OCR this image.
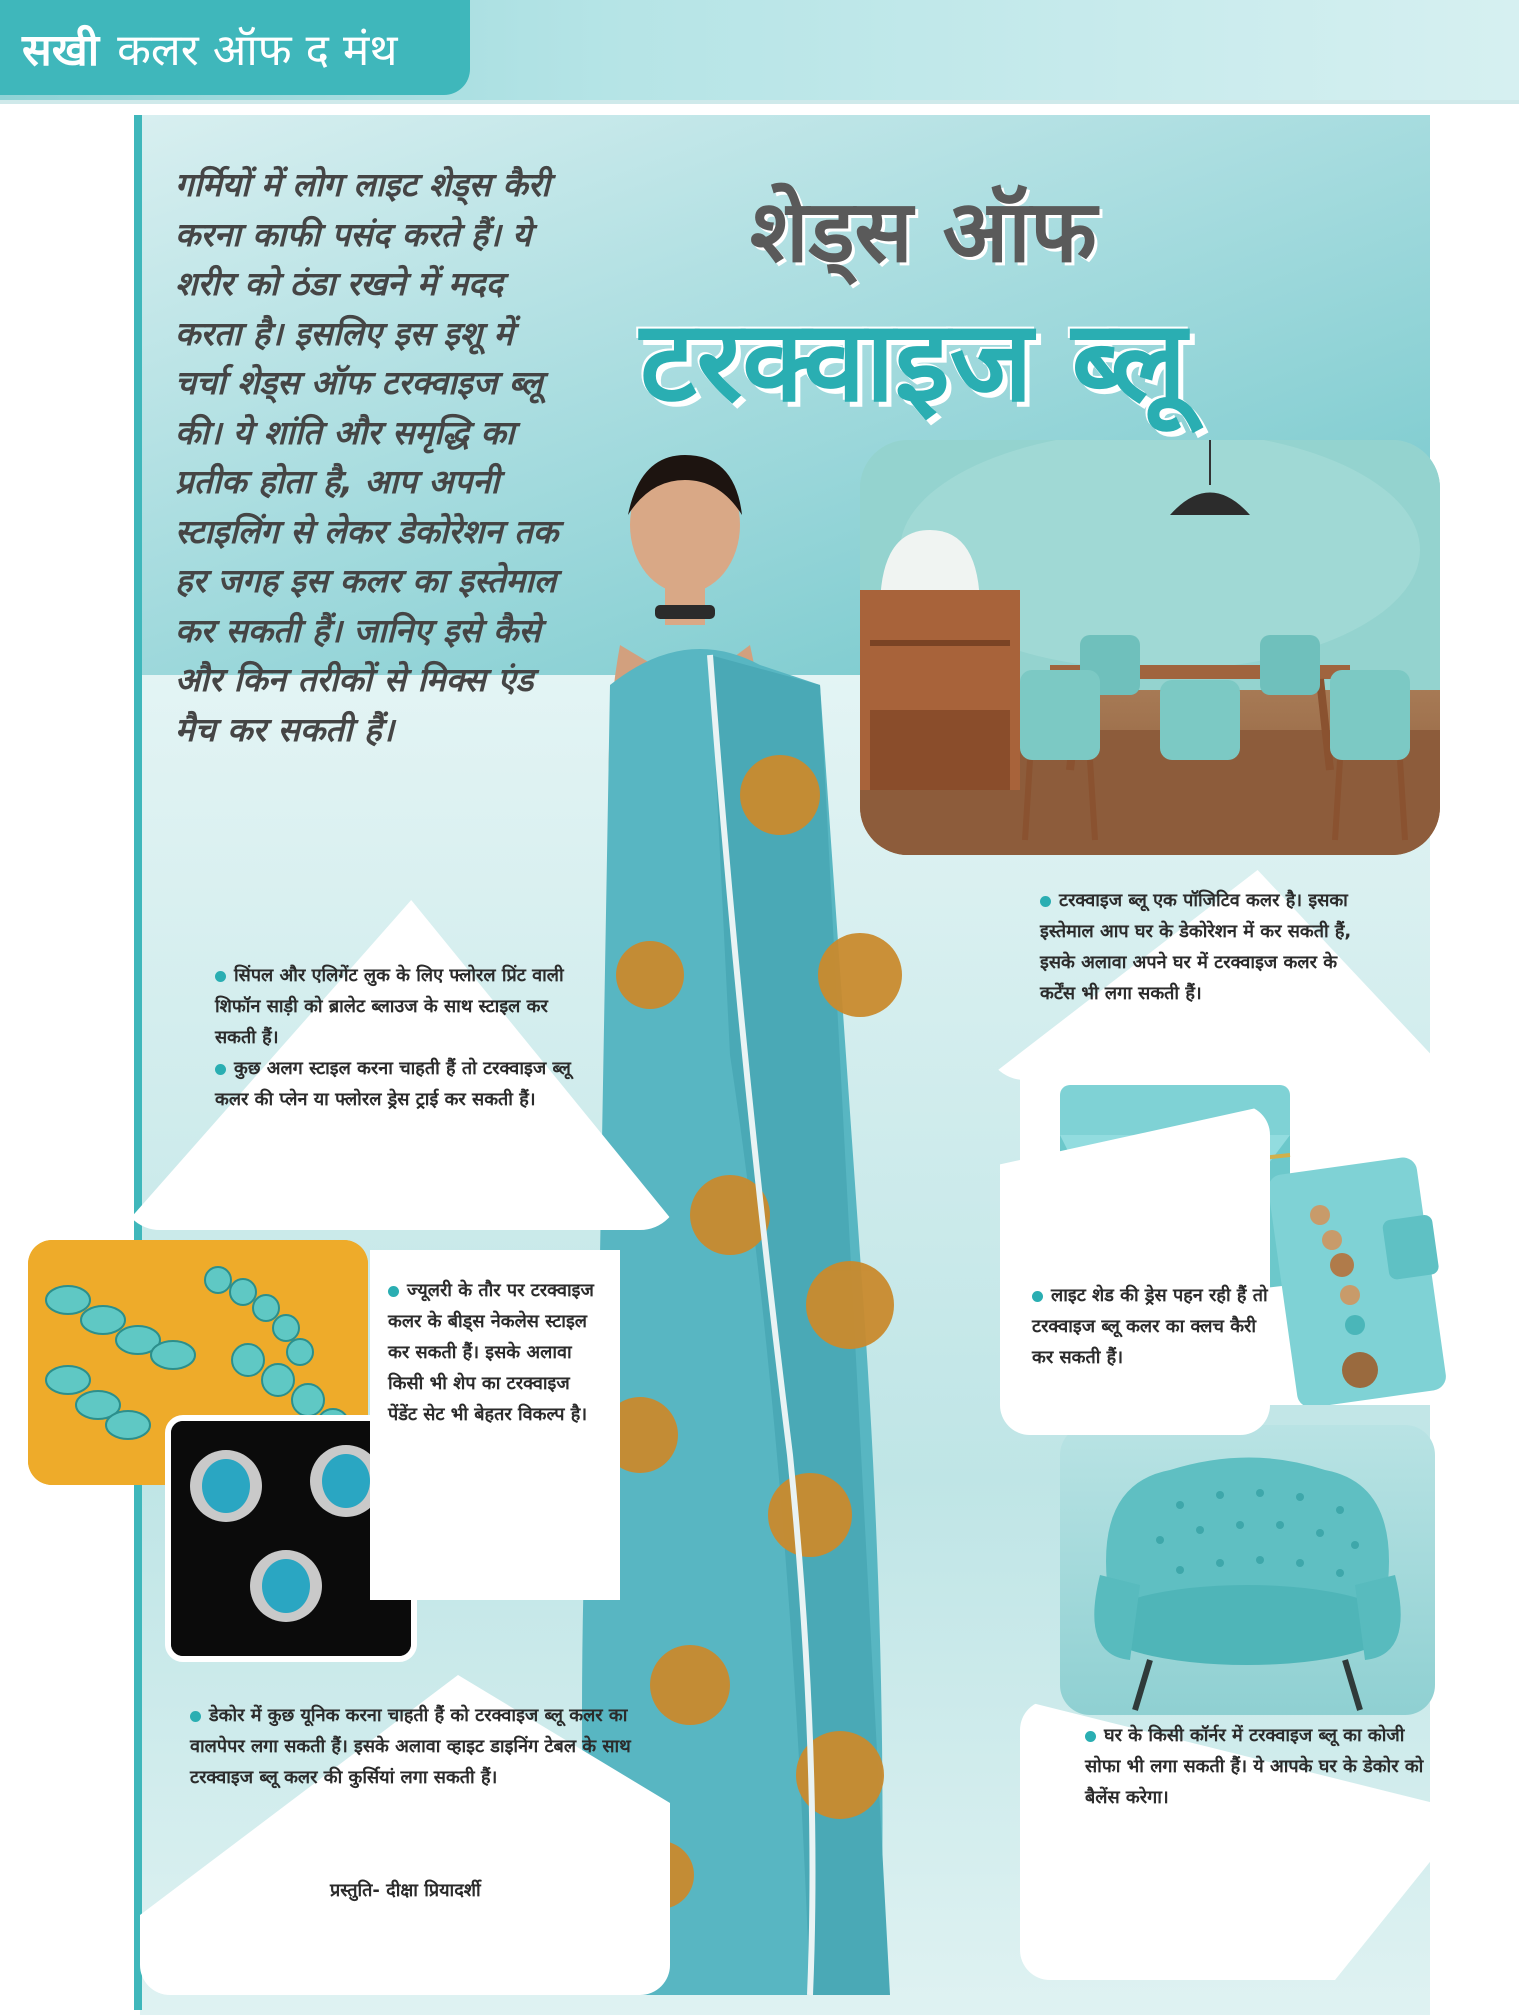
सखी कलर ऑफ द मंथ
गर्मियों में लोग लाइट शेड्स कैरी करना काफी पसंद करते हैं। ये शरीर को ठंडा रखने में मदद करता है। इसलिए इस इशू में चर्चा शेड्स ऑफ टरक्वाइज ब्लू की। ये शांति और समृद्धि का प्रतीक होता है, आप अपनी स्टाइलिंग से लेकर डेकोरेशन तक हर जगह इस कलर का इस्तेमाल कर सकती हैं। जानिए इसे कैसे और किन तरीकों से मिक्स एंड मैच कर सकती हैं।
शेड्स ऑफ
टरक्वाइज ब्लू
सिंपल और एलिगेंट लुक के लिए फ्लोरल प्रिंट वाली शिफॉन साड़ी को ब्रालेट ब्लाउज के साथ स्टाइल कर सकती हैं।
कुछ अलग स्टाइल करना चाहती हैं तो टरक्वाइज ब्लू कलर की प्लेन या फ्लोरल ड्रेस ट्राई कर सकती हैं।
टरक्वाइज ब्लू एक पॉजिटिव कलर है। इसका इस्तेमाल आप घर के डेकोरेशन में कर सकती हैं, इसके अलावा अपने घर में टरक्वाइज कलर के कर्टेंस भी लगा सकती हैं।
ज्यूलरी के तौर पर टरक्वाइज कलर के बीड्स नेकलेस स्टाइल कर सकती हैं। इसके अलावा किसी भी शेप का टरक्वाइज पेंडेंट सेट भी बेहतर विकल्प है।
लाइट शेड की ड्रेस पहन रही हैं तो टरक्वाइज ब्लू कलर का क्लच कैरी कर सकती हैं।
डेकोर में कुछ यूनिक करना चाहती हैं को टरक्वाइज ब्लू कलर का वालपेपर लगा सकती हैं। इसके अलावा व्हाइट डाइनिंग टेबल के साथ टरक्वाइज ब्लू कलर की कुर्सियां लगा सकती हैं।
प्रस्तुति- दीक्षा प्रियादर्शी
घर के किसी कॉर्नर में टरक्वाइज ब्लू का कोजी सोफा भी लगा सकती हैं। ये आपके घर के डेकोर को बैलेंस करेगा।
